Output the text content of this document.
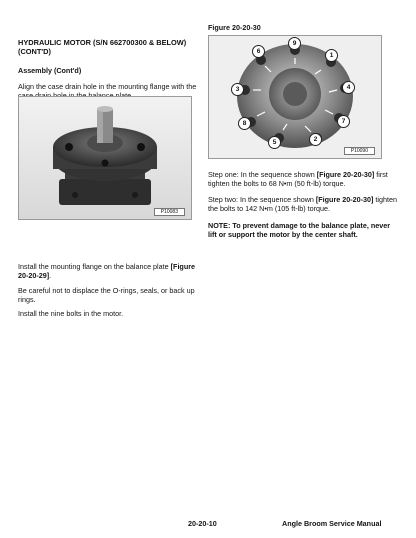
HYDRAULIC MOTOR (S/N 662700300 & BELOW) (CONT'D)
Assembly (Cont'd)
Align the case drain hole in the mounting flange with the
P10083
Install the mounting flange on the balance plate [Figure 20-20-29].
Be careful not to displace the O-rings, seals, or back up rings.
Install the nine bolts in the motor.
Figure 20-20-30
9
6
1
3	4
7
8
5	2
P10090
Step one: In the sequence shown [Figure 20-20-30] first tighten the bolts to 68 N•m (50 ft-lb) torque.
Step two: In the sequence shown [Figure 20-20-30] tighten the bolts to 142 N•m (105 ft-lb) torque.
NOTE: To prevent damage to the balance plate, never lift or support the motor by the center shaft.
20-20-10	Angle Broom Service Manual
